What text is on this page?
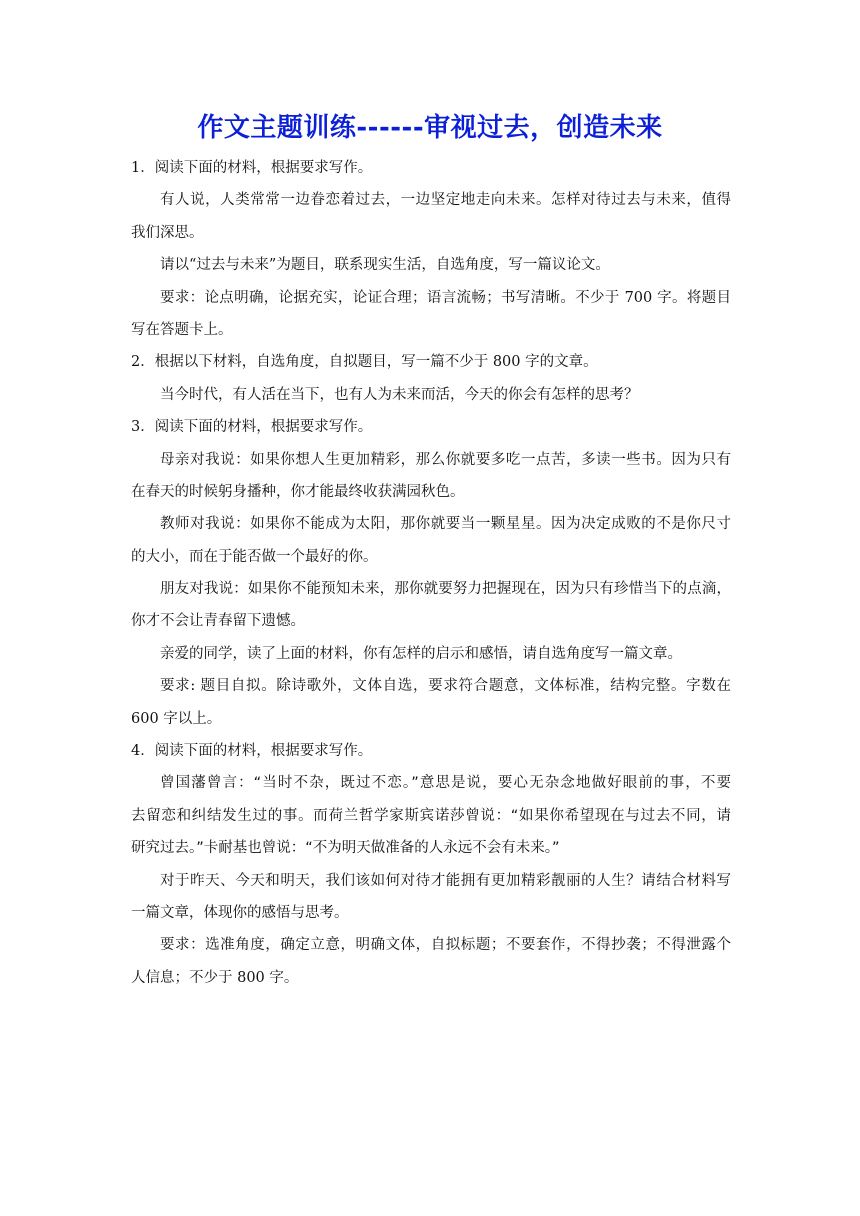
作文主题训练------审视过去，创造未来
1．阅读下面的材料，根据要求写作。
有人说，人类常常一边眷恋着过去，一边坚定地走向未来。怎样对待过去与未来，值得
我们深思。
请以“过去与未来”为题目，联系现实生活，自选角度，写一篇议论文。
要求：论点明确，论据充实，论证合理；语言流畅；书写清晰。不少于 700 字。将题目
写在答题卡上。
2．根据以下材料，自选角度，自拟题目，写一篇不少于 800 字的文章。
当今时代，有人活在当下，也有人为未来而活，今天的你会有怎样的思考？
3．阅读下面的材料，根据要求写作。
母亲对我说：如果你想人生更加精彩，那么你就要多吃一点苦，多读一些书。因为只有
在春天的时候躬身播种，你才能最终收获满园秋色。
教师对我说：如果你不能成为太阳，那你就要当一颗星星。因为决定成败的不是你尺寸
的大小，而在于能否做一个最好的你。
朋友对我说：如果你不能预知未来，那你就要努力把握现在，因为只有珍惜当下的点滴，
你才不会让青春留下遗憾。
亲爱的同学，读了上面的材料，你有怎样的启示和感悟，请自选角度写一篇文章。
要求: 题目自拟。除诗歌外，文体自选，要求符合题意，文体标准，结构完整。字数在
600 字以上。
4．阅读下面的材料，根据要求写作。
曾国藩曾言：“当时不杂，既过不恋。”意思是说，要心无杂念地做好眼前的事，不要
去留恋和纠结发生过的事。而荷兰哲学家斯宾诺莎曾说：“如果你希望现在与过去不同，请
研究过去。”卡耐基也曾说：“不为明天做准备的人永远不会有未来。”
对于昨天、今天和明天，我们该如何对待才能拥有更加精彩靓丽的人生？请结合材料写
一篇文章，体现你的感悟与思考。
要求：选准角度，确定立意，明确文体，自拟标题；不要套作，不得抄袭；不得泄露个
人信息；不少于 800 字。
